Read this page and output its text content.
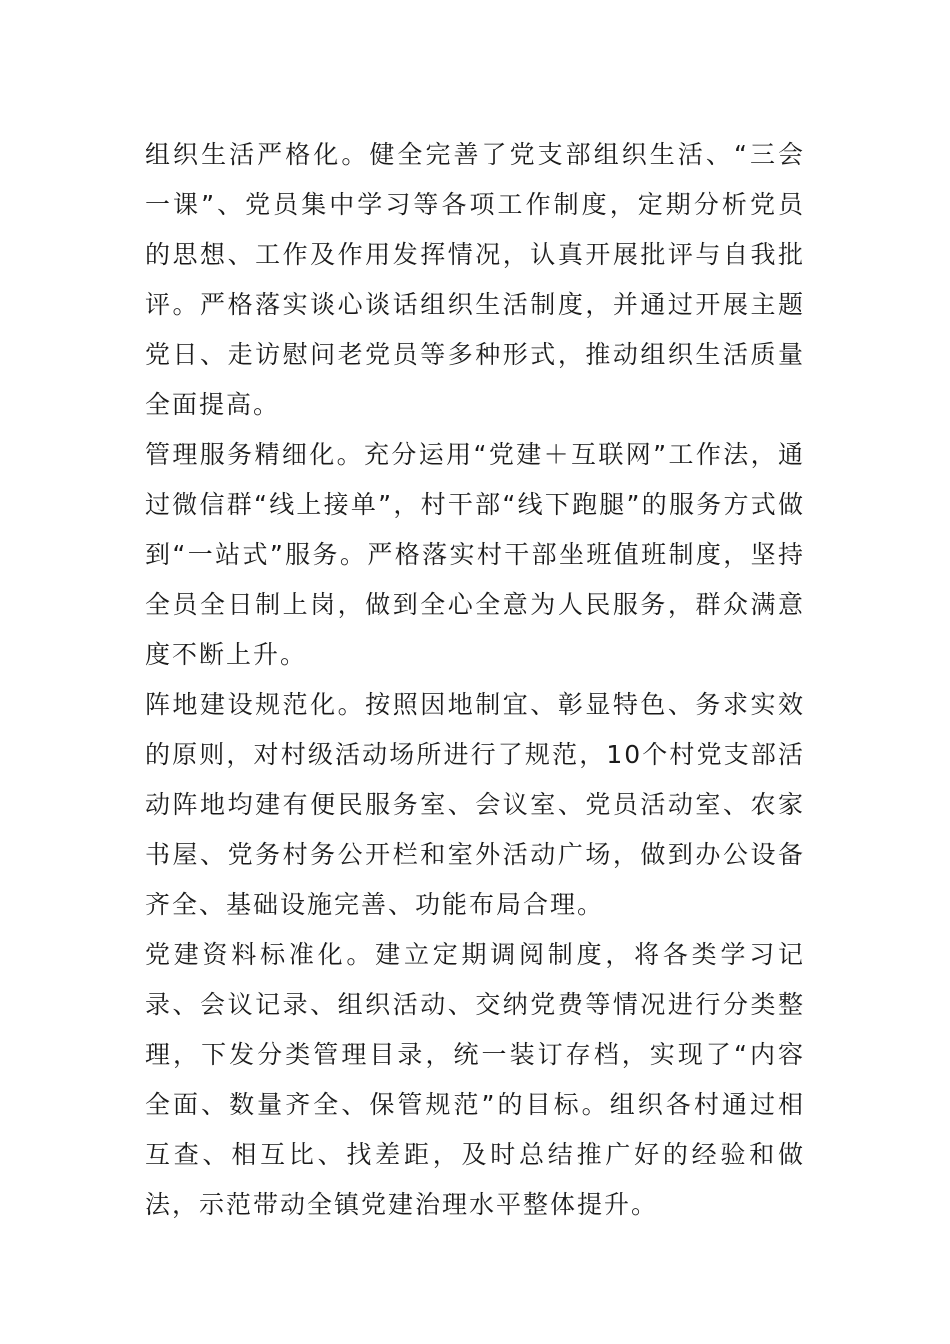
组织生活严格化。健全完善了党支部组织生活、“三会一课”、党员集中学习等各项工作制度，定期分析党员的思想、工作及作用发挥情况，认真开展批评与自我批评。严格落实谈心谈话组织生活制度，并通过开展主题党日、走访慰问老党员等多种形式，推动组织生活质量全面提高。

管理服务精细化。充分运用“党建＋互联网”工作法，通过微信群“线上接单”，村干部“线下跑腿”的服务方式做到“一站式”服务。严格落实村干部坐班值班制度，坚持全员全日制上岗，做到全心全意为人民服务，群众满意度不断上升。

阵地建设规范化。按照因地制宜、彰显特色、务求实效的原则，对村级活动场所进行了规范，10个村党支部活动阵地均建有便民服务室、会议室、党员活动室、农家书屋、党务村务公开栏和室外活动广场，做到办公设备齐全、基础设施完善、功能布局合理。

党建资料标准化。建立定期调阅制度，将各类学习记录、会议记录、组织活动、交纳党费等情况进行分类整理，下发分类管理目录，统一装订存档，实现了“内容全面、数量齐全、保管规范”的目标。组织各村通过相互查、相互比、找差距，及时总结推广好的经验和做法，示范带动全镇党建治理水平整体提升。
